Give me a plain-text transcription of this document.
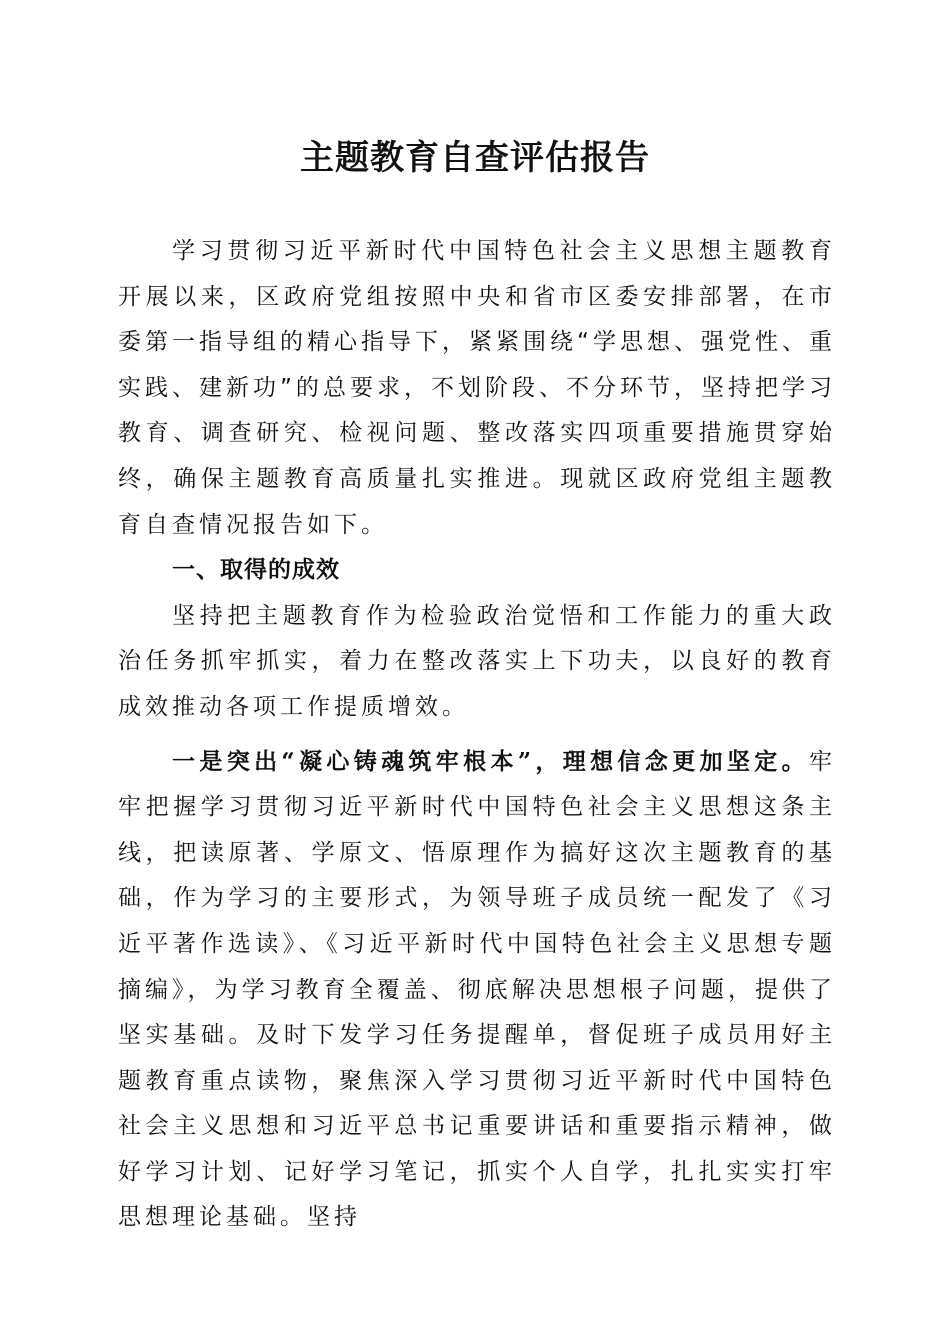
主题教育自查评估报告

学习贯彻习近平新时代中国特色社会主义思想主题教育开展以来，区政府党组按照中央和省市区委安排部署，在市委第一指导组的精心指导下，紧紧围绕“学思想、强党性、重实践、建新功”的总要求，不划阶段、不分环节，坚持把学习教育、调查研究、检视问题、整改落实四项重要措施贯穿始终，确保主题教育高质量扎实推进。现就区政府党组主题教育自查情况报告如下。

一、取得的成效

坚持把主题教育作为检验政治觉悟和工作能力的重大政治任务抓牢抓实，着力在整改落实上下功夫，以良好的教育成效推动各项工作提质增效。

一是突出“凝心铸魂筑牢根本”，理想信念更加坚定。牢牢把握学习贯彻习近平新时代中国特色社会主义思想这条主线，把读原著、学原文、悟原理作为搞好这次主题教育的基础，作为学习的主要形式，为领导班子成员统一配发了《习近平著作选读》、《习近平新时代中国特色社会主义思想专题摘编》，为学习教育全覆盖、彻底解决思想根子问题，提供了坚实基础。及时下发学习任务提醒单，督促班子成员用好主题教育重点读物，聚焦深入学习贯彻习近平新时代中国特色社会主义思想和习近平总书记重要讲话和重要指示精神，做好学习计划、记好学习笔记，抓实个人自学，扎扎实实打牢思想理论基础。坚持
